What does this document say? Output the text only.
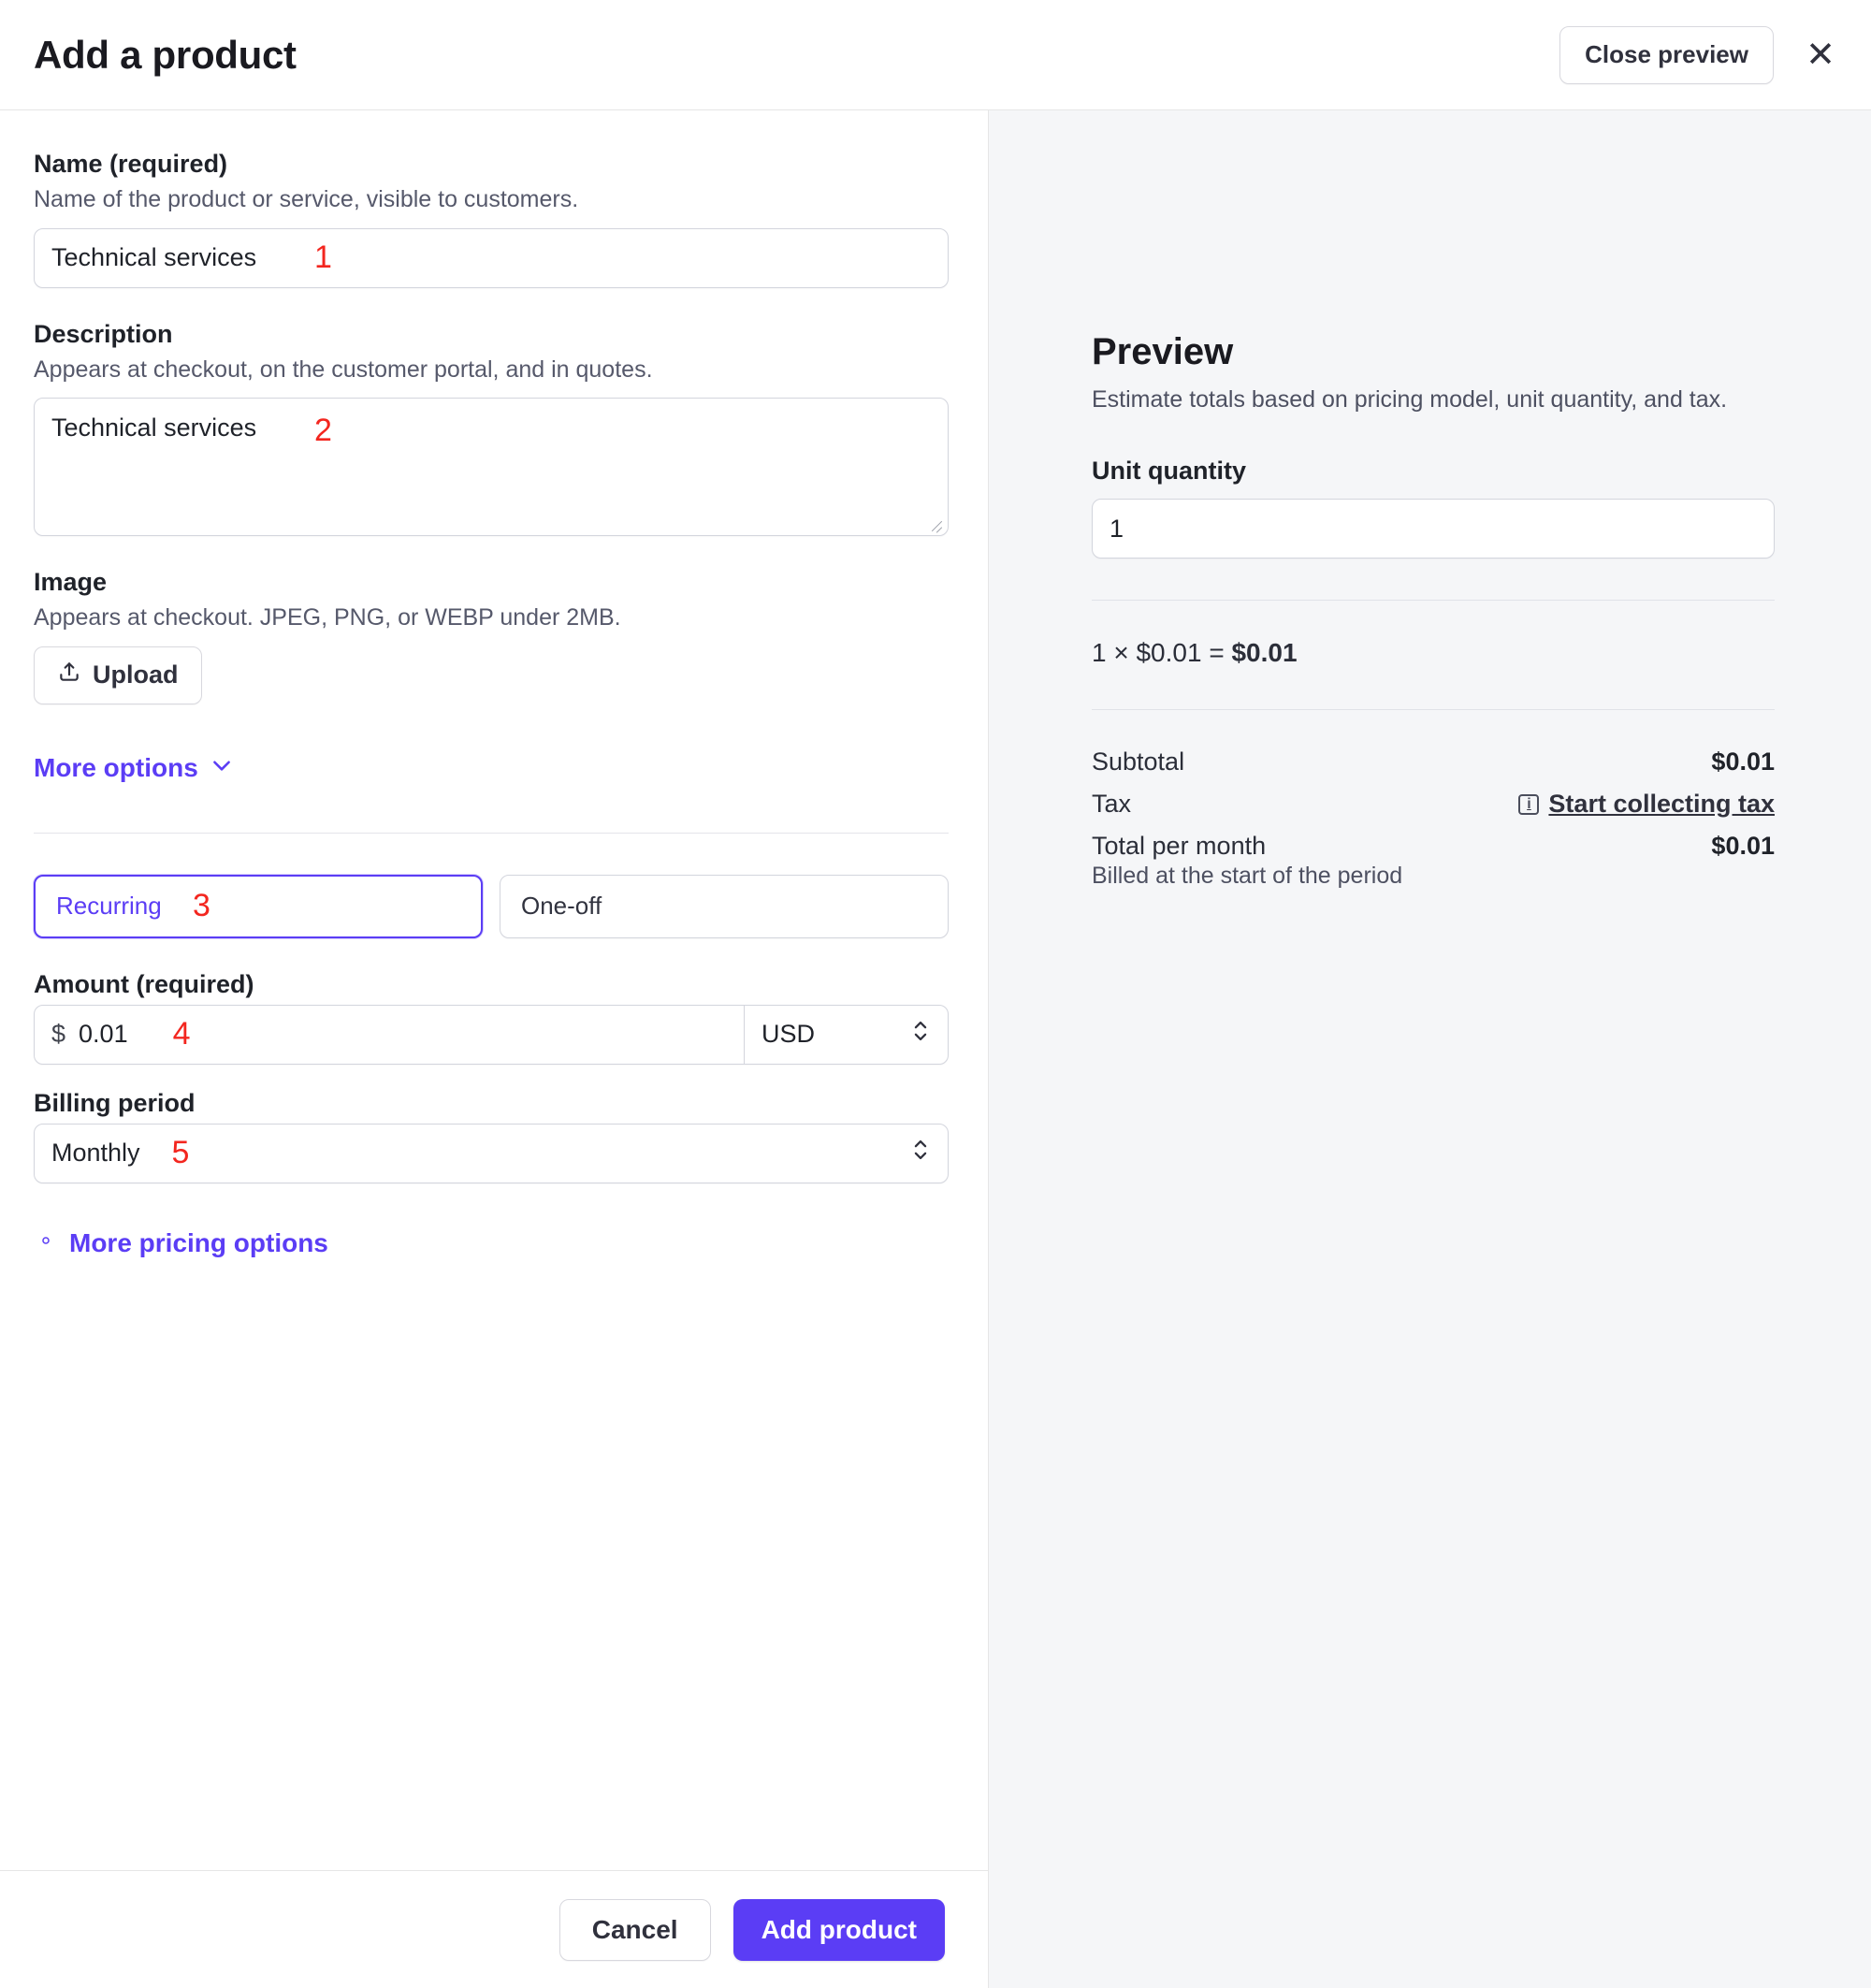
Add a product	Close preview	✕
Name (required)
Name of the product or service, visible to customers.
Technical services	1
Description
Appears at checkout, on the customer portal, and in quotes.
Technical services	2
Image
Appears at checkout. JPEG, PNG, or WEBP under 2MB.
Upload
More options
Recurring 3	One-off
Amount (required)
$ 0.01 4	USD
Billing period
Monthly 5
More pricing options
Cancel	Add product
Preview
Estimate totals based on pricing model, unit quantity, and tax.
Unit quantity
1
1 × $0.01 = $0.01
Subtotal	$0.01
Tax	i Start collecting tax
Total per month	$0.01
Billed at the start of the period
